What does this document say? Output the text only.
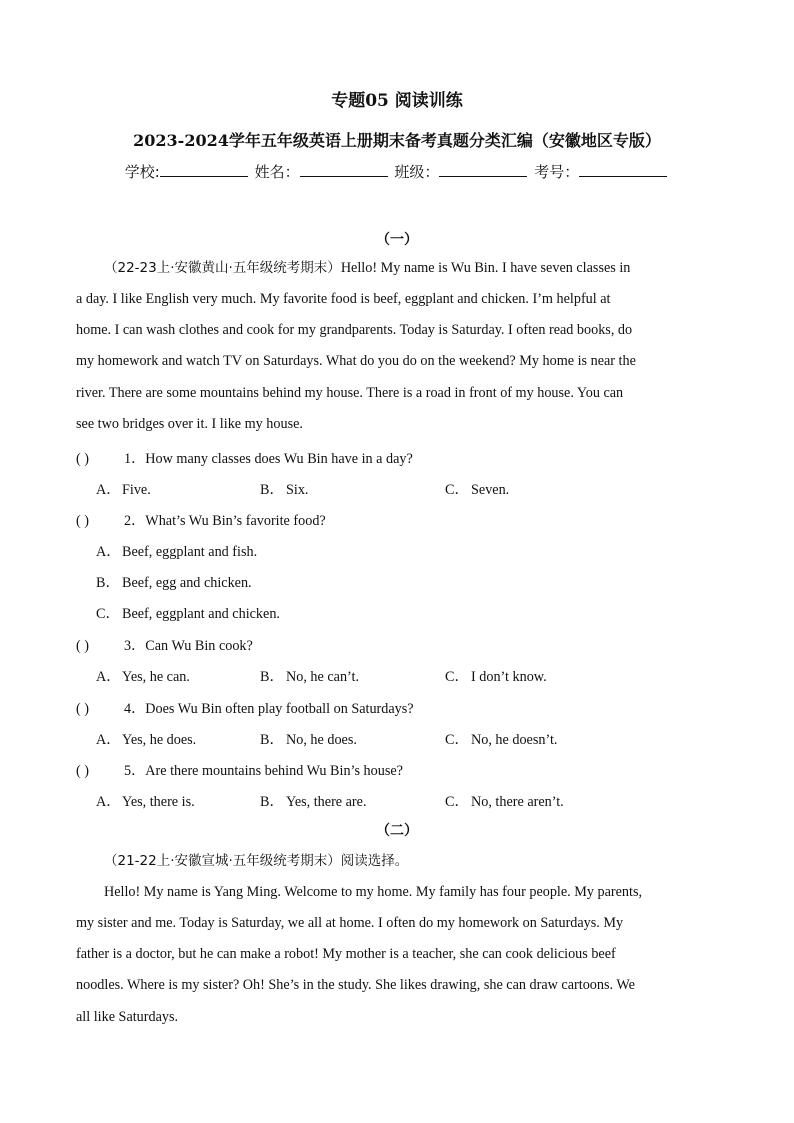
专题05 阅读训练
2023-2024学年五年级英语上册期末备考真题分类汇编（安徽地区专版）
学校:	姓名：	班级：	考号：
（一）
（22-23上·安徽黄山·五年级统考期末）Hello! My name is Wu Bin. I have seven classes in
a day. I like English very much. My favorite food is beef, eggplant and chicken. I’m helpful at
home. I can wash clothes and cook for my grandparents. Today is Saturday. I often read books, do
my homework and watch TV on Saturdays. What do you do on the weekend? My home is near the
river. There are some mountains behind my house. There is a road in front of my house. You can
see two bridges over it. I like my house.
( ) 1．How many classes does Wu Bin have in a day?
A． Five.	B． Six.	C． Seven.
( ) 2．What’s Wu Bin’s favorite food?
A． Beef, eggplant and fish.
B． Beef, egg and chicken.
C． Beef, eggplant and chicken.
( ) 3．Can Wu Bin cook?
A． Yes, he can.	B． No, he can’t.	C． I don’t know.
( ) 4．Does Wu Bin often play football on Saturdays?
A． Yes, he does.	B． No, he does.	C． No, he doesn’t.
( ) 5．Are there mountains behind Wu Bin’s house?
A． Yes, there is.	B． Yes, there are.	C． No, there aren’t.
（二）
（21-22上·安徽宣城·五年级统考期末）阅读选择。
Hello! My name is Yang Ming. Welcome to my home. My family has four people. My parents,
my sister and me. Today is Saturday, we all at home. I often do my homework on Saturdays. My
father is a doctor, but he can make a robot! My mother is a teacher, she can cook delicious beef
noodles. Where is my sister? Oh! She’s in the study. She likes drawing, she can draw cartoons. We
all like Saturdays.
